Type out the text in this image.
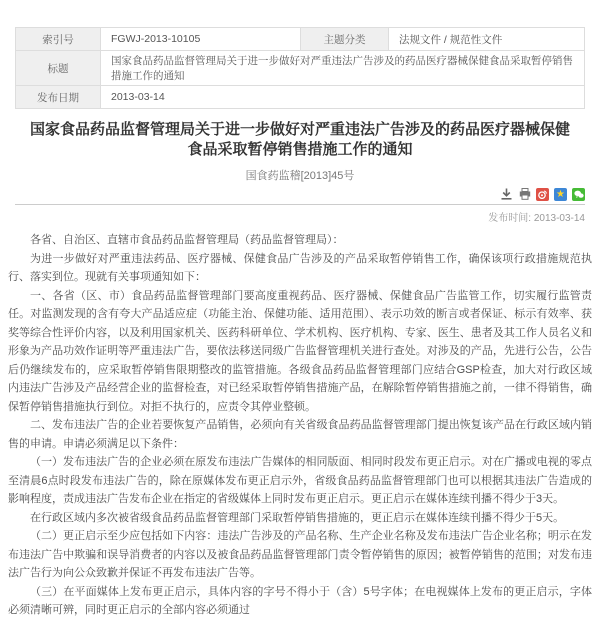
索引号	FGWJ-2013-10105	主题分类	法规文件 / 规范性文件
标题	国家食品药品监督管理局关于进一步做好对严重违法广告涉及的药品医疗器械保健食品采取暂停销售措施工作的通知		
发布日期	2013-03-14		
国家食品药品监督管理局关于进一步做好对严重违法广告涉及的药品医疗器械保健食品采取暂停销售措施工作的通知
国食药监稽[2013]45号
★
发布时间: 2013-03-14

各省、自治区、直辖市食品药品监督管理局（药品监督管理局）：

为进一步做好对严重违法药品、医疗器械、保健食品广告涉及的产品采取暂停销售工作，确保该项行政措施规范执行、落实到位。现就有关事项通知如下：

一、各省（区、市）食品药品监督管理部门要高度重视药品、医疗器械、保健食品广告监管工作，切实履行监管责任。对监测发现的含有夸大产品适应症（功能主治、保健功能、适用范围）、表示功效的断言或者保证、标示有效率、获奖等综合性评价内容，以及利用国家机关、医药科研单位、学术机构、医疗机构、专家、医生、患者及其工作人员名义和形象为产品功效作证明等严重违法广告，要依法移送同级广告监督管理机关进行查处。对涉及的产品，先进行公告，公告后仍继续发布的，应采取暂停销售限期整改的监管措施。各级食品药品监督管理部门应结合GSP检查，加大对行政区域内违法广告涉及产品经营企业的监督检查，对已经采取暂停销售措施产品，在解除暂停销售措施之前，一律不得销售，确保暂停销售措施执行到位。对拒不执行的，应责令其停业整顿。

二、发布违法广告的企业若要恢复产品销售，必须向有关省级食品药品监督管理部门提出恢复该产品在行政区域内销售的申请。申请必须满足以下条件：

（一）发布违法广告的企业必须在原发布违法广告媒体的相同版面、相同时段发布更正启示。对在广播或电视的零点至清晨6点时段发布违法广告的，除在原媒体发布更正启示外，省级食品药品监督管理部门也可以根据其违法广告造成的影响程度，责成违法广告发布企业在指定的省级媒体上同时发布更正启示。更正启示在媒体连续刊播不得少于3天。

在行政区域内多次被省级食品药品监督管理部门采取暂停销售措施的，更正启示在媒体连续刊播不得少于5天。

（二）更正启示至少应包括如下内容：违法广告涉及的产品名称、生产企业名称及发布违法广告企业名称；明示在发布违法广告中欺骗和误导消费者的内容以及被食品药品监督管理部门责令暂停销售的原因；被暂停销售的范围；对发布违法广告行为向公众致歉并保证不再发布违法广告等。

（三）在平面媒体上发布更正启示，具体内容的字号不得小于（含）5号字体；在电视媒体上发布的更正启示，字体必须清晰可辨，同时更正启示的全部内容必须通过
